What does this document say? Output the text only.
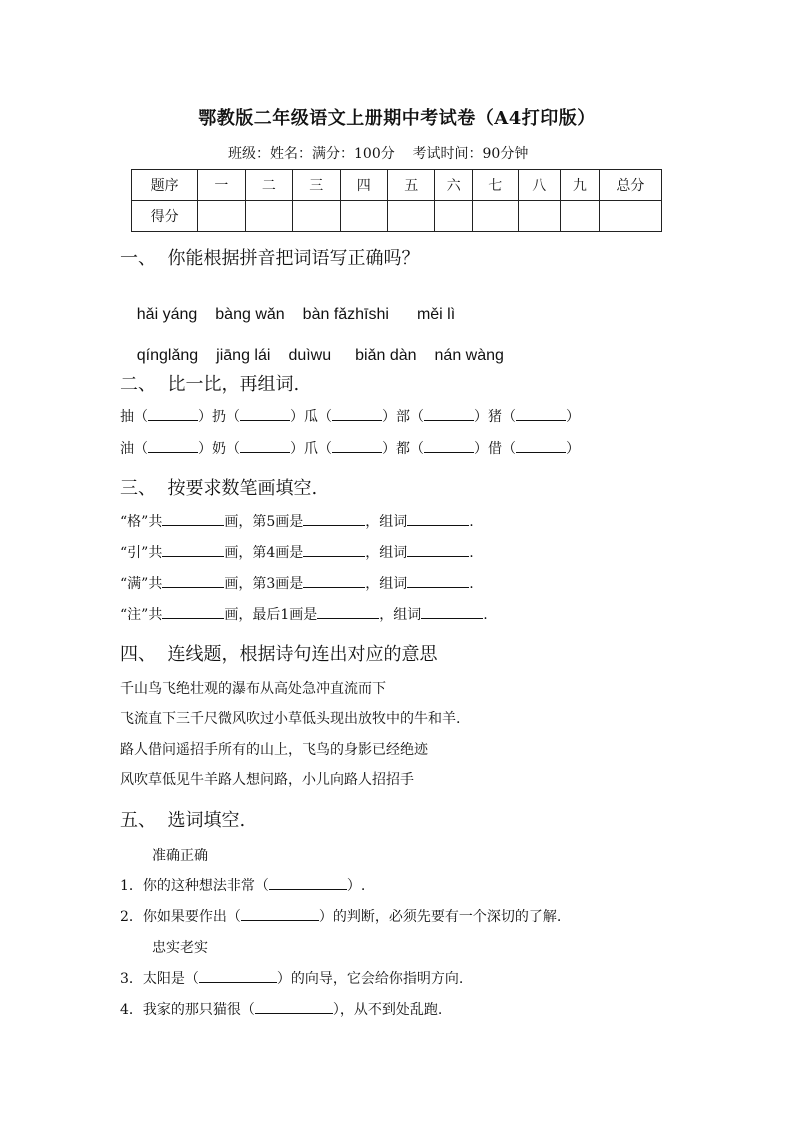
鄂教版二年级语文上册期中考试卷（A4打印版）
班级：姓名：满分：100分    考试时间：90分钟
题序	一	二	三	四	五	六	七	八	九	总分
得分										
一、  你能根据拼音把词语写正确吗？

hǎi yáng bàng wǎn bàn fǎzhīshi měi lì

qínglǎng jiāng lái duìwu biǎn dàn nán wàng

二、  比一比，再组词.
抽（	）扔（	）瓜（	）部（	）猪（	）
油（	）奶（	）爪（	）都（	）借（	）
三、  按要求数笔画填空.
“格”共	画，第5画是	，组词	.
“引”共	画，第4画是	，组词	.
“满”共	画，第3画是	，组词	.
“注”共	画，最后1画是	，组词	.
四、  连线题，根据诗句连出对应的意思
千山鸟飞绝壮观的瀑布从高处急冲直流而下
飞流直下三千尺微风吹过小草低头现出放牧中的牛和羊.
路人借问遥招手所有的山上，飞鸟的身影已经绝迹
风吹草低见牛羊路人想问路，小儿向路人招招手
五、  选词填空.
准确正确
1．你的这种想法非常（	）.
2．你如果要作出（	）的判断，必须先要有一个深切的了解.
忠实老实
3．太阳是（	）的向导，它会给你指明方向.
4．我家的那只猫很（	），从不到处乱跑.
